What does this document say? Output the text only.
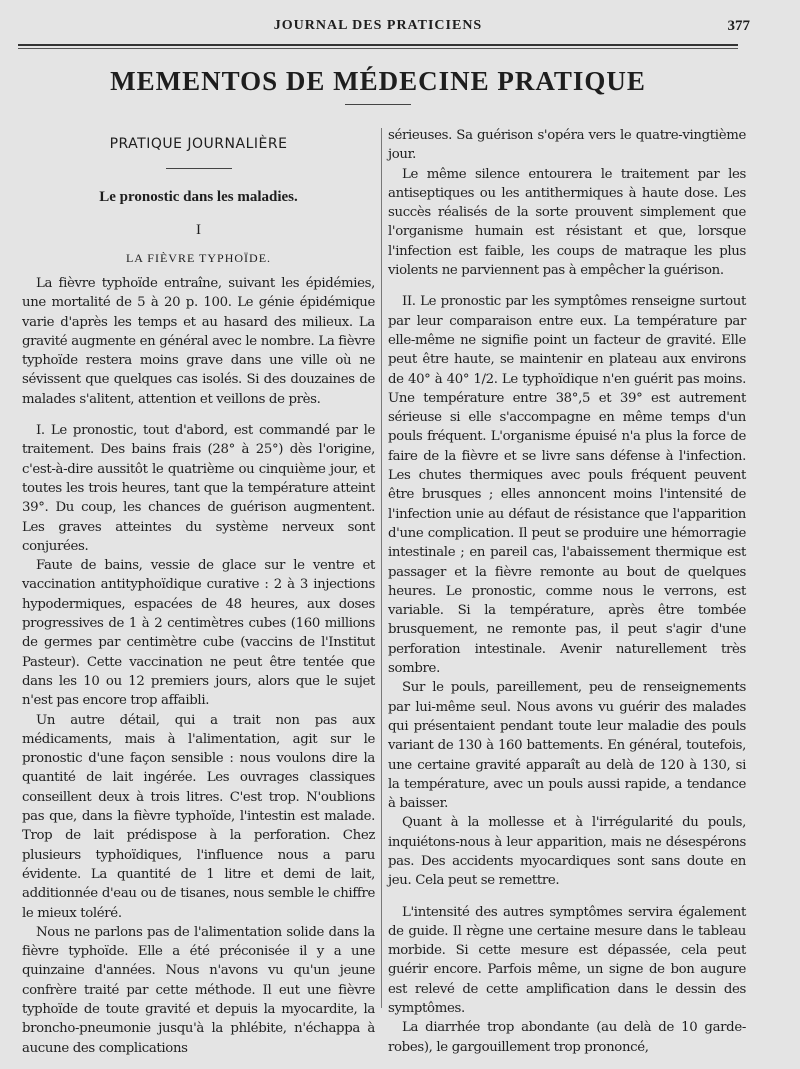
JOURNAL DES PRATICIENS	377
MEMENTOS DE MÉDECINE PRATIQUE
PRATIQUE JOURNALIÈRE
Le pronostic dans les maladies.
I
LA FIÈVRE TYPHOÏDE.

La fièvre typhoïde entraîne, suivant les épidémies, une mortalité de 5 à 20 p. 100. Le génie épidémique varie d'après les temps et au hasard des milieux. La gravité augmente en général avec le nombre. La fièvre typhoïde restera moins grave dans une ville où ne sévissent que quelques cas isolés. Si des douzaines de malades s'alitent, attention et veillons de près.

I. Le pronostic, tout d'abord, est commandé par le traitement. Des bains frais (28° à 25°) dès l'origine, c'est-à-dire aussitôt le quatrième ou cinquième jour, et toutes les trois heures, tant que la température atteint 39°. Du coup, les chances de guérison augmentent. Les graves atteintes du système nerveux sont conjurées.

Faute de bains, vessie de glace sur le ventre et vaccination antityphoïdique curative : 2 à 3 injections hypodermiques, espacées de 48 heures, aux doses progressives de 1 à 2 centimètres cubes (160 millions de germes par centimètre cube (vaccins de l'Institut Pasteur). Cette vaccination ne peut être tentée que dans les 10 ou 12 premiers jours, alors que le sujet n'est pas encore trop affaibli.

Un autre détail, qui a trait non pas aux médicaments, mais à l'alimentation, agit sur le pronostic d'une façon sensible : nous voulons dire la quantité de lait ingérée. Les ouvrages classiques conseillent deux à trois litres. C'est trop. N'oublions pas que, dans la fièvre typhoïde, l'intestin est malade. Trop de lait prédispose à la perforation. Chez plusieurs typhoïdiques, l'influence nous a paru évidente. La quantité de 1 litre et demi de lait, additionnée d'eau ou de tisanes, nous semble le chiffre le mieux toléré.

Nous ne parlons pas de l'alimentation solide dans la fièvre typhoïde. Elle a été préconisée il y a une quinzaine d'années. Nous n'avons vu qu'un jeune confrère traité par cette méthode. Il eut une fièvre typhoïde de toute gravité et depuis la myocardite, la broncho-pneumonie jusqu'à la phlébite, n'échappa à aucune des complications

sérieuses. Sa guérison s'opéra vers le quatre-vingtième jour.

Le même silence entourera le traitement par les antiseptiques ou les antithermiques à haute dose. Les succès réalisés de la sorte prouvent simplement que l'organisme humain est résistant et que, lorsque l'infection est faible, les coups de matraque les plus violents ne parviennent pas à empêcher la guérison.

II. Le pronostic par les symptômes renseigne surtout par leur comparaison entre eux. La température par elle-même ne signifie point un facteur de gravité. Elle peut être haute, se maintenir en plateau aux environs de 40° à 40° 1/2. Le typhoïdique n'en guérit pas moins. Une température entre 38°,5 et 39° est autrement sérieuse si elle s'accompagne en même temps d'un pouls fréquent. L'organisme épuisé n'a plus la force de faire de la fièvre et se livre sans défense à l'infection. Les chutes thermiques avec pouls fréquent peuvent être brusques ; elles annoncent moins l'intensité de l'infection unie au défaut de résistance que l'apparition d'une complication. Il peut se produire une hémorragie intestinale ; en pareil cas, l'abaissement thermique est passager et la fièvre remonte au bout de quelques heures. Le pronostic, comme nous le verrons, est variable. Si la température, après être tombée brusquement, ne remonte pas, il peut s'agir d'une perforation intestinale. Avenir naturellement très sombre.

Sur le pouls, pareillement, peu de renseignements par lui-même seul. Nous avons vu guérir des malades qui présentaient pendant toute leur maladie des pouls variant de 130 à 160 battements. En général, toutefois, une certaine gravité apparaît au delà de 120 à 130, si la température, avec un pouls aussi rapide, a tendance à baisser.

Quant à la mollesse et à l'irrégularité du pouls, inquiétons-nous à leur apparition, mais ne désespérons pas. Des accidents myocardiques sont sans doute en jeu. Cela peut se remettre.

L'intensité des autres symptômes servira également de guide. Il règne une certaine mesure dans le tableau morbide. Si cette mesure est dépassée, cela peut guérir encore. Parfois même, un signe de bon augure est relevé de cette amplification dans le dessin des symptômes.

La diarrhée trop abondante (au delà de 10 garde-robes), le gargouillement trop prononcé,
